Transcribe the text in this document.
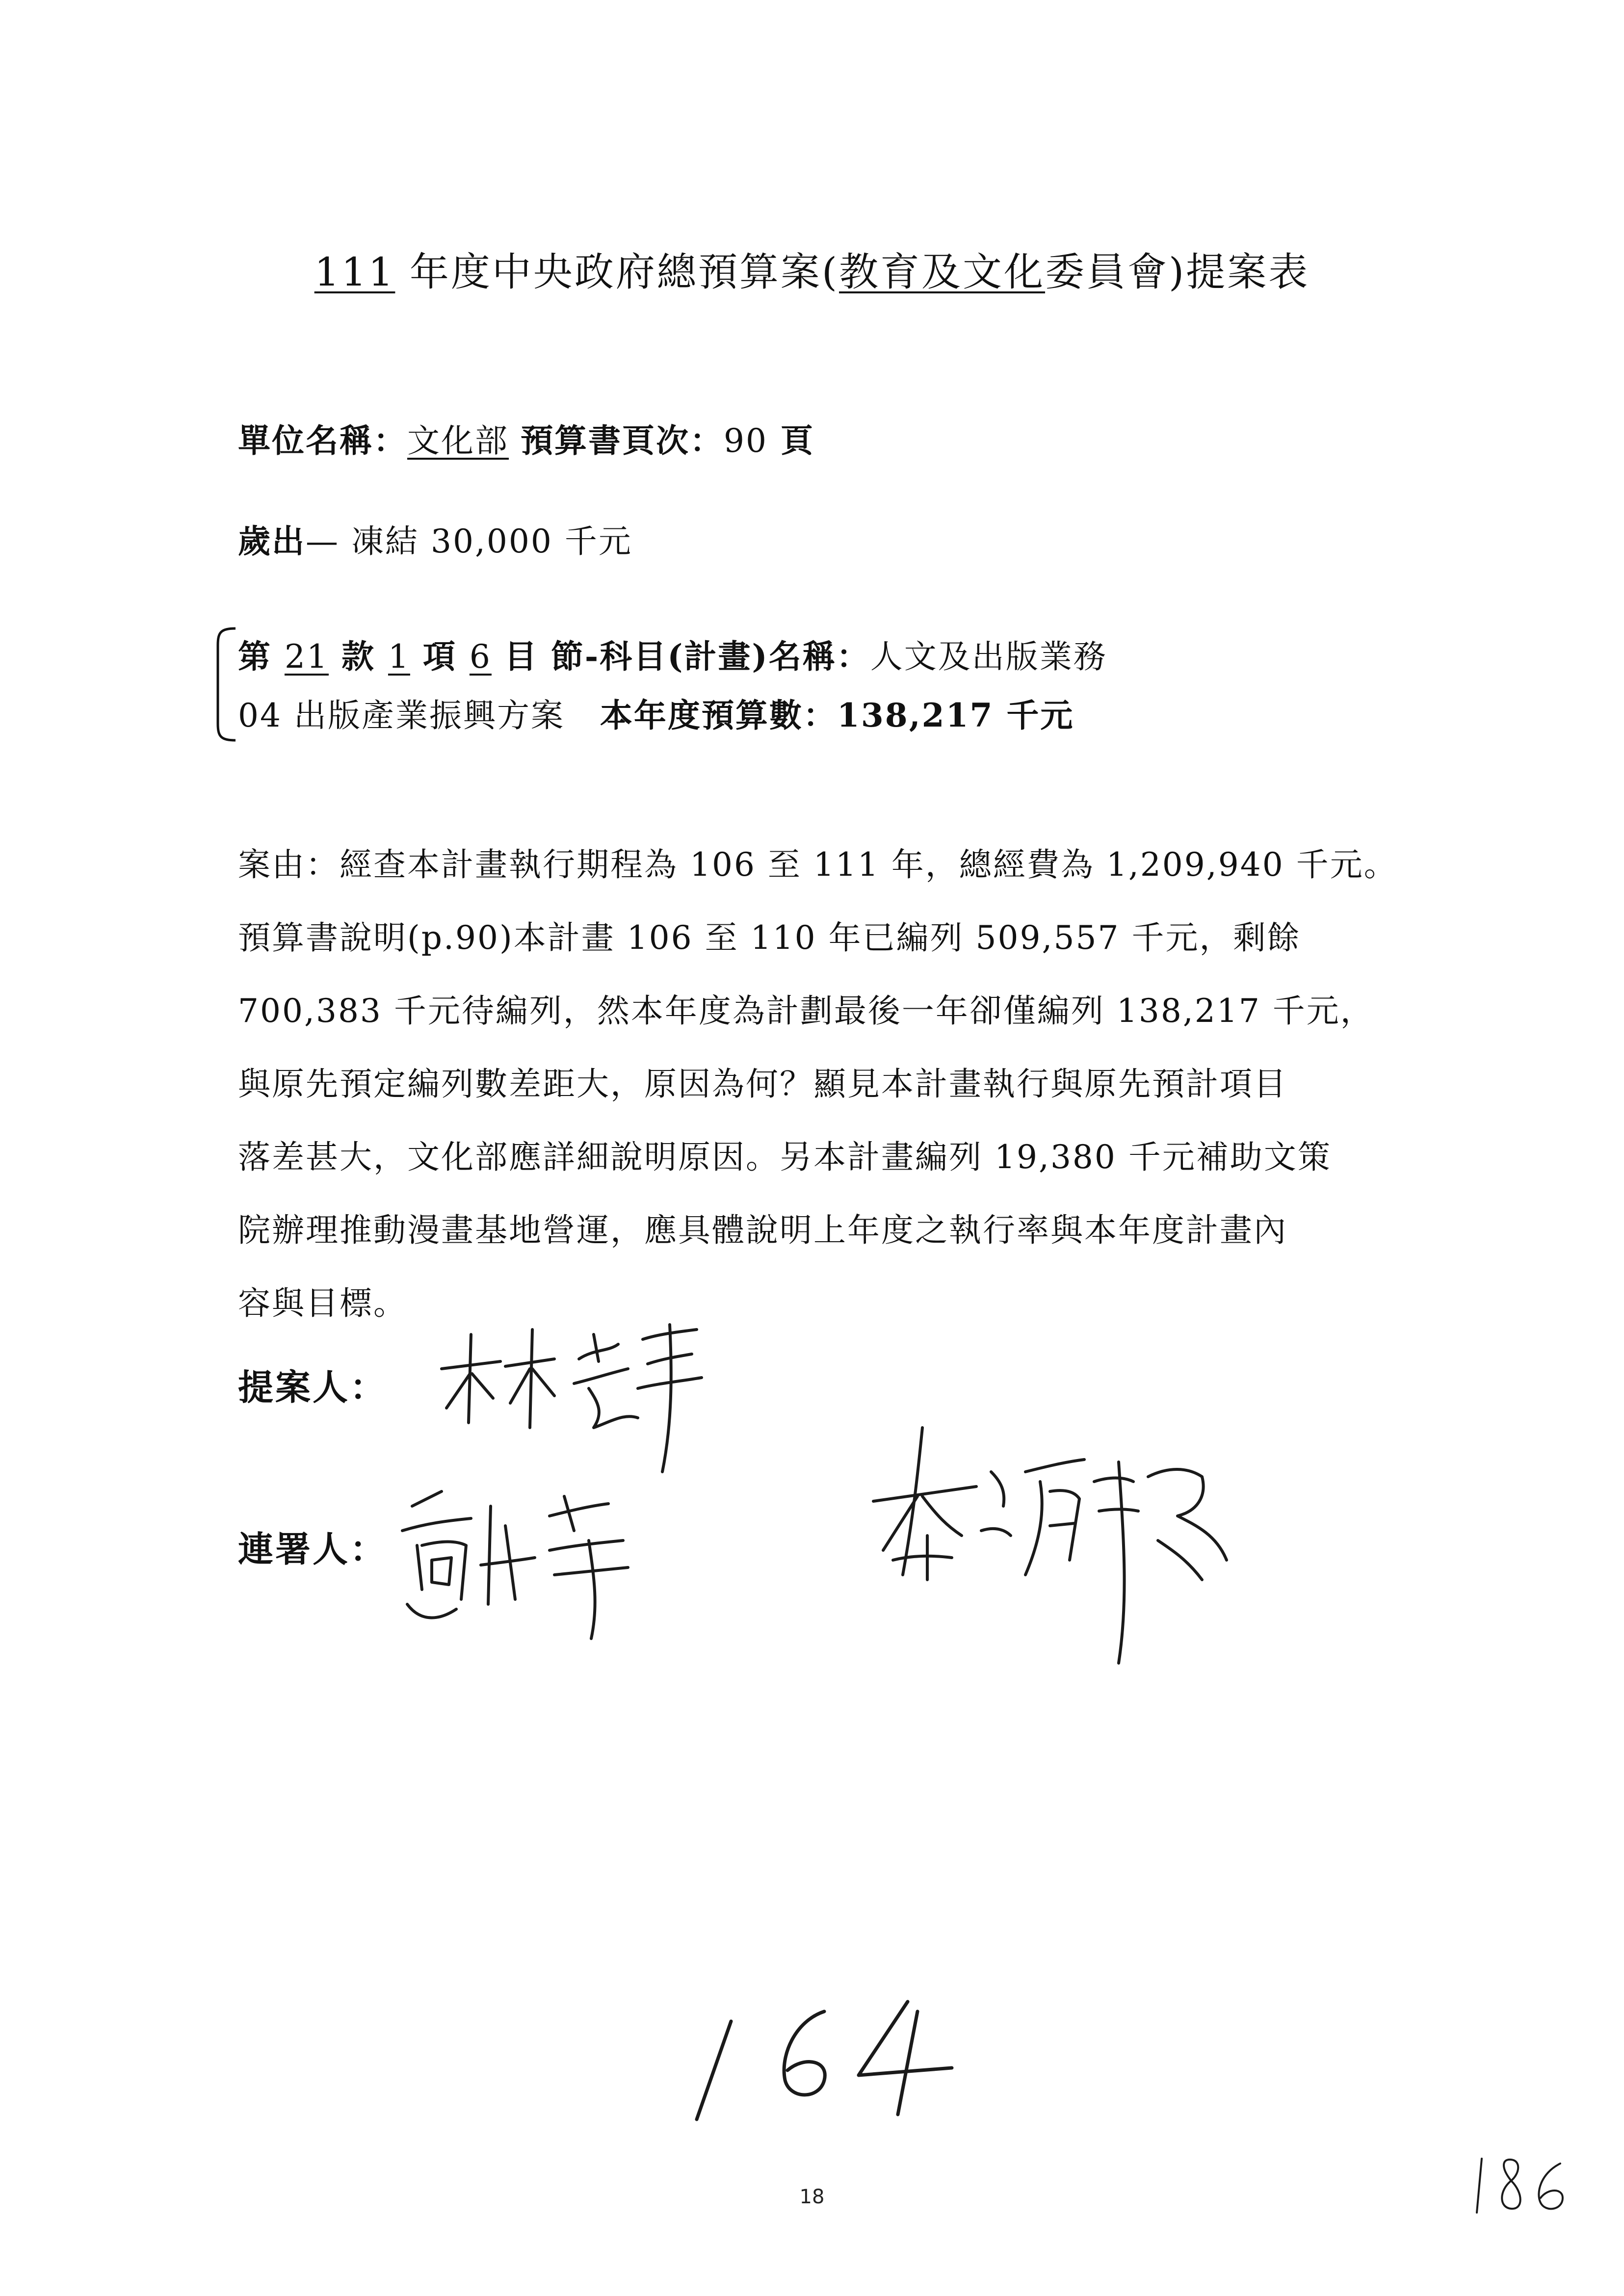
111 年度中央政府總預算案(教育及文化委員會)提案表
單位名稱：文化部 預算書頁次：90 頁
歲出— 凍結 30,000 千元
第 21 款 1 項 6 目 節-科目(計畫)名稱：人文及出版業務
04 出版產業振興方案 本年度預算數：138,217 千元
案由：經查本計畫執行期程為 106 至 111 年，總經費為 1,209,940 千元。
預算書說明(p.90)本計畫 106 至 110 年已編列 509,557 千元，剩餘
700,383 千元待編列，然本年度為計劃最後一年卻僅編列 138,217 千元，
與原先預定編列數差距大，原因為何？顯見本計畫執行與原先預計項目
落差甚大，文化部應詳細說明原因。另本計畫編列 19,380 千元補助文策
院辦理推動漫畫基地營運，應具體說明上年度之執行率與本年度計畫內
容與目標。
提案人：
連署人：
18
